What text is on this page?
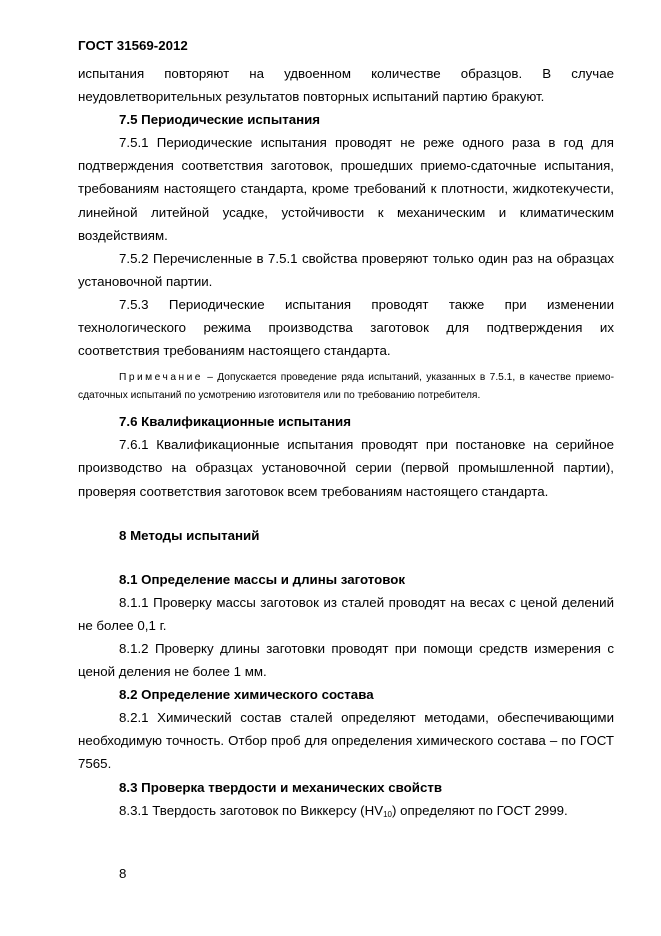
ГОСТ 31569-2012

испытания повторяют на удвоенном количестве образцов. В случае неудовлетворительных результатов повторных испытаний партию бракуют.

7.5 Периодические испытания

7.5.1 Периодические испытания проводят не реже одного раза в год для подтверждения соответствия заготовок, прошедших приемо-сдаточные испытания, требованиям настоящего стандарта, кроме требований к плотности, жидкотекучести, линейной литейной усадке, устойчивости к механическим и климатическим воздействиям.

7.5.2 Перечисленные в 7.5.1 свойства проверяют только один раз на образцах установочной партии.

7.5.3 Периодические испытания проводят также при изменении технологического режима производства заготовок для подтверждения их соответствия требованиям настоящего стандарта.

Примечание – Допускается проведение ряда испытаний, указанных в 7.5.1, в качестве приемо-сдаточных испытаний по усмотрению изготовителя или по требованию потребителя.

7.6 Квалификационные испытания

7.6.1 Квалификационные испытания проводят при постановке на серийное производство на образцах установочной серии (первой промышленной партии), проверяя соответствия заготовок всем требованиям настоящего стандарта.

8 Методы испытаний

8.1 Определение массы и длины заготовок

8.1.1 Проверку массы заготовок из сталей проводят на весах с ценой делений не более 0,1 г.

8.1.2 Проверку длины заготовки проводят при помощи средств измерения с ценой деления не более 1 мм.

8.2 Определение химического состава

8.2.1 Химический состав сталей определяют методами, обеспечивающими необходимую точность. Отбор проб для определения химического состава – по ГОСТ 7565.

8.3 Проверка твердости и механических свойств

8.3.1 Твердость заготовок по Виккерсу $(HV_{10})$ определяют по ГОСТ 2999.

8
